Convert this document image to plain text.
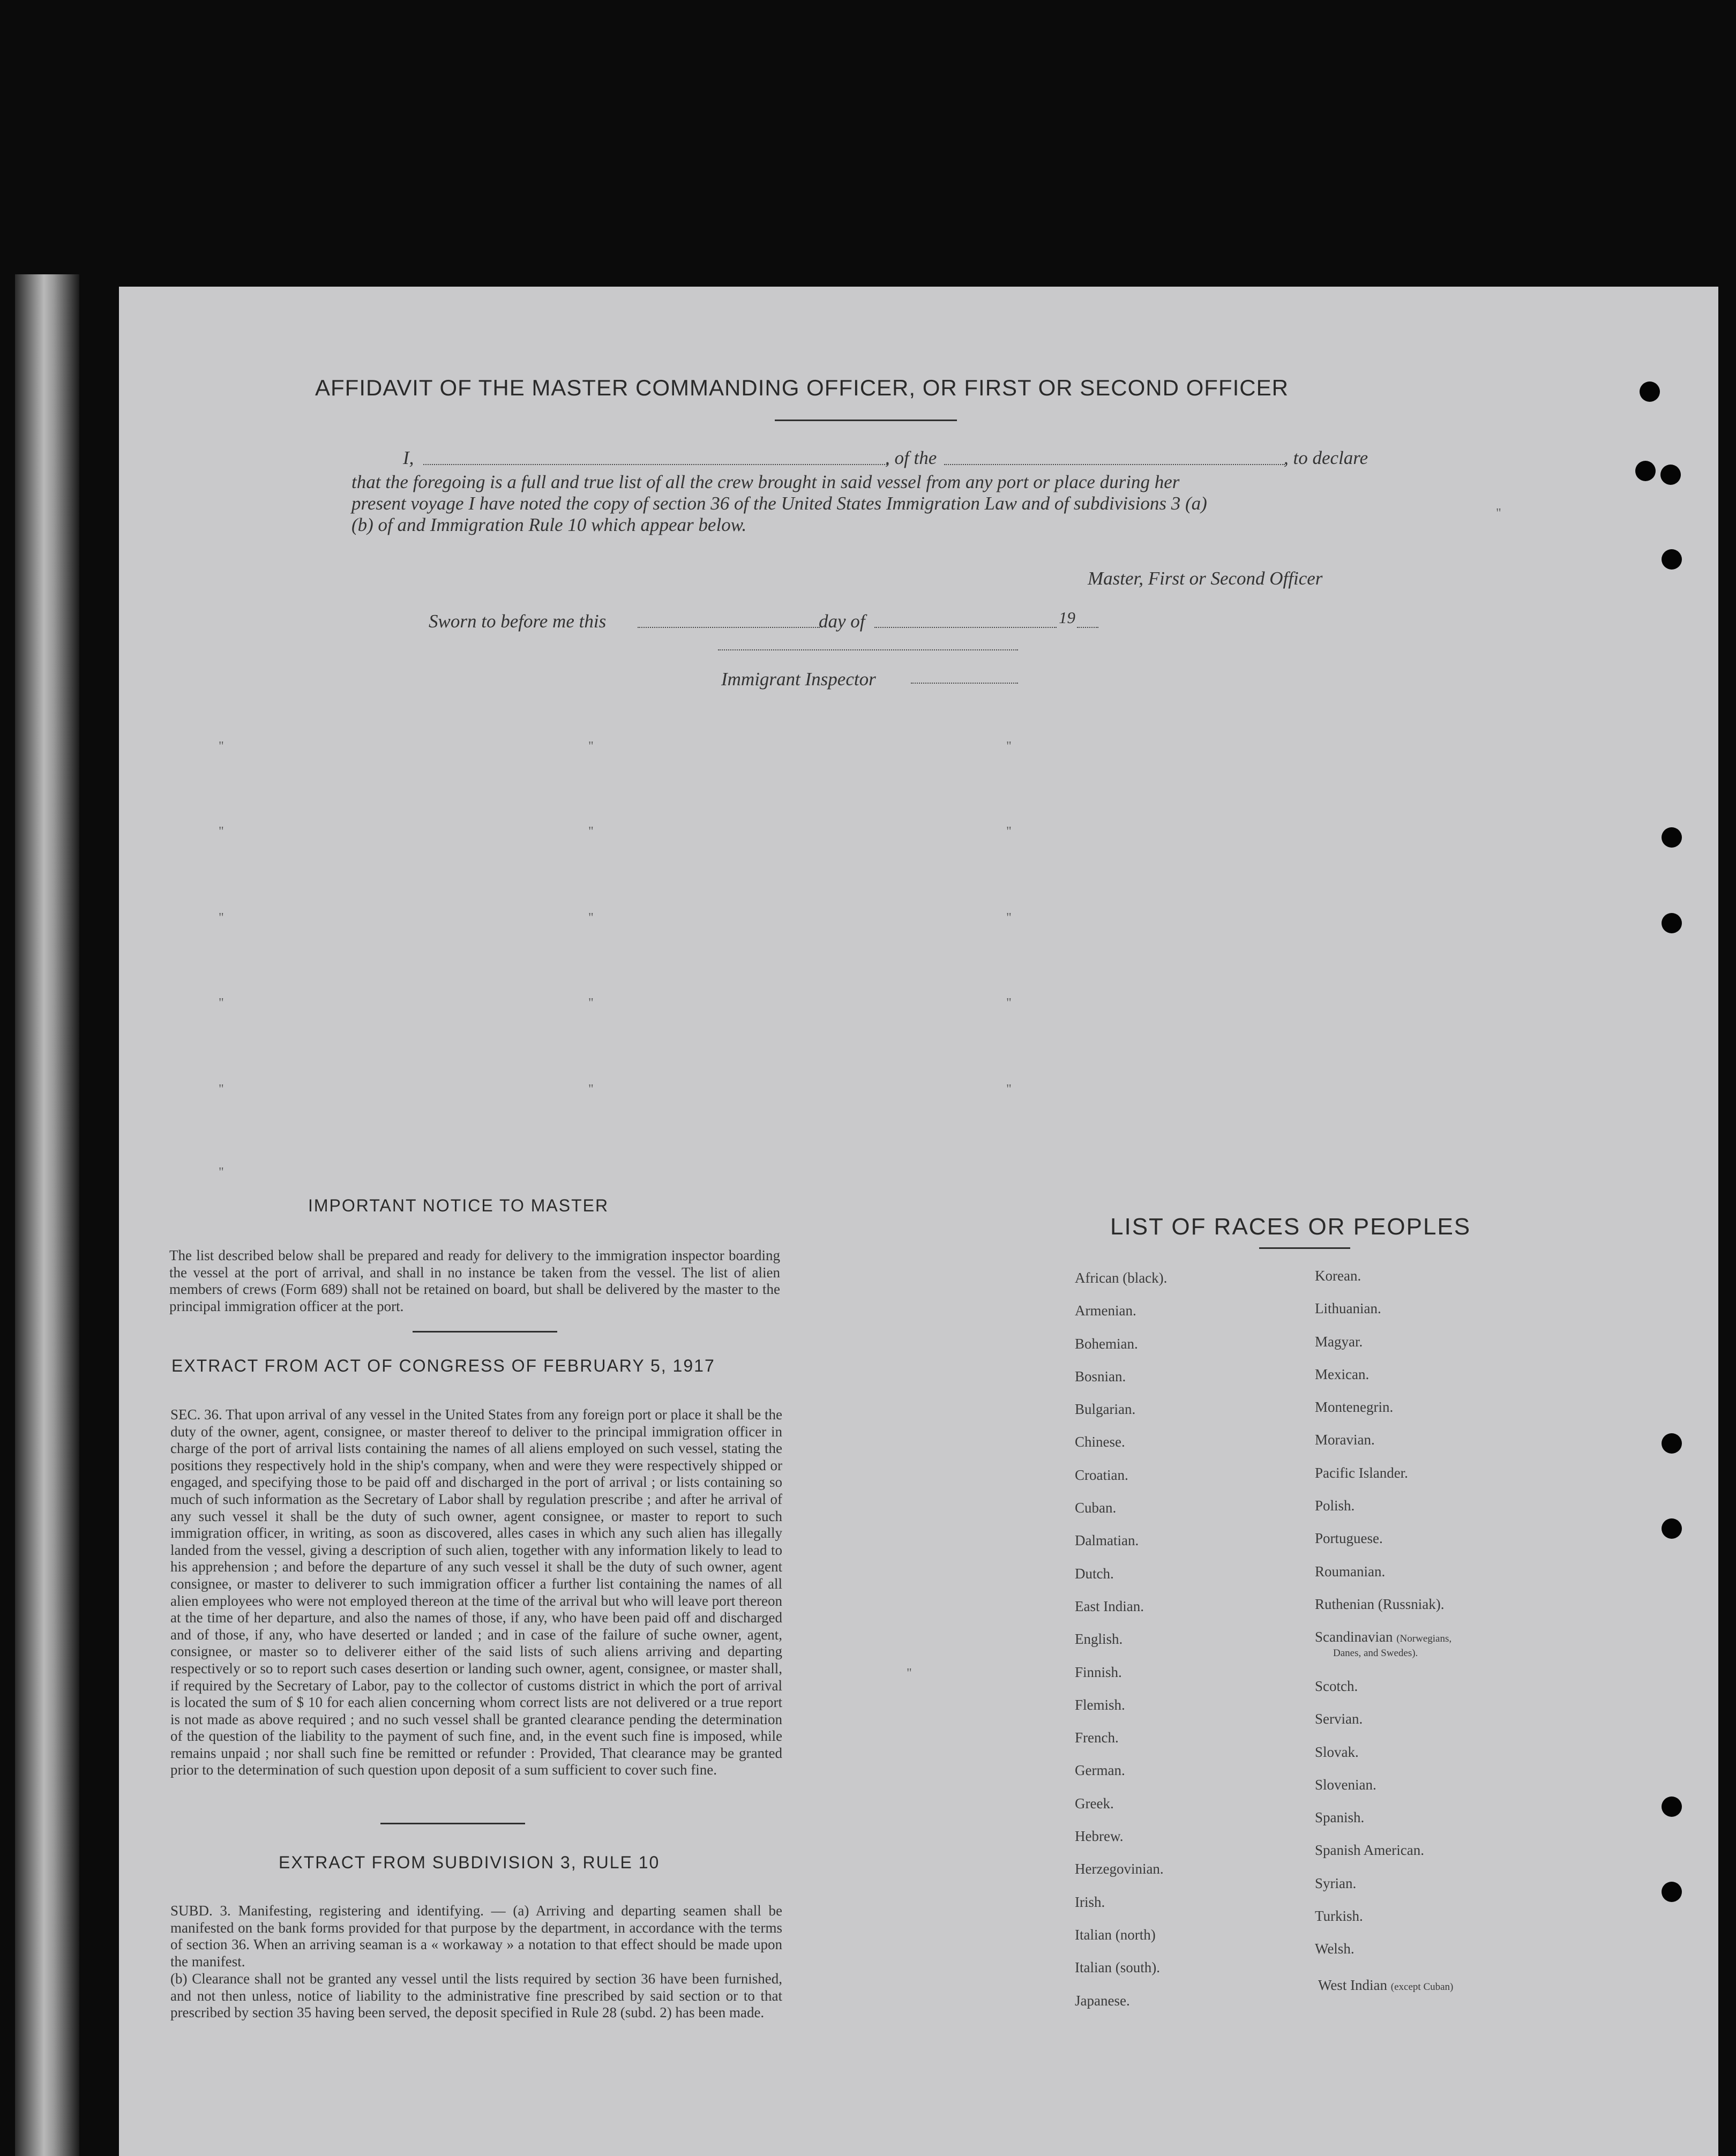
"
"
"
"
"
"
"
"
"
"
"
"
"
"
"
"
"
"
AFFIDAVIT OF THE MASTER COMMANDING OFFICER, OR FIRST OR SECOND OFFICER
I,	, of the	, to declare
that the foregoing is a full and true list of all the crew brought in said vessel from any port or place during her
present voyage I have noted the copy of section 36 of the United States Immigration Law and of subdivisions 3 (a)
(b) of and Immigration Rule 10 which appear below.
Master, First or Second Officer
Sworn to before me this	day of	19
Immigrant Inspector
IMPORTANT NOTICE TO MASTER
The list described below shall be prepared and ready for delivery to the immigration inspector boarding the vessel at the port of arrival, and shall in no instance be taken from the vessel. The list of alien members of crews (Form 689) shall not be retained on board, but shall be delivered by the master to the principal immigration officer at the port.
EXTRACT FROM ACT OF CONGRESS OF FEBRUARY 5, 1917
SEC. 36. That upon arrival of any vessel in the United States from any foreign port or place it shall be the duty of the owner, agent, consignee, or master thereof to deliver to the principal immigration officer in charge of the port of arrival lists containing the names of all aliens employed on such vessel, stating the positions they respectively hold in the ship's company, when and were they were respectively shipped or engaged, and specifying those to be paid off and discharged in the port of arrival ; or lists containing so much of such information as the Secretary of Labor shall by regulation prescribe ; and after he arrival of any such vessel it shall be the duty of such owner, agent consignee, or master to report to such immigration officer, in writing, as soon as discovered, alles cases in which any such alien has illegally landed from the vessel, giving a description of such alien, together with any information likely to lead to his apprehension ; and before the departure of any such vessel it shall be the duty of such owner, agent consignee, or master to deliverer to such immigration officer a further list containing the names of all alien employees who were not employed thereon at the time of the arrival but who will leave port thereon at the time of her departure, and also the names of those, if any, who have been paid off and discharged and of those, if any, who have deserted or landed ; and in case of the failure of suche owner, agent, consignee, or master so to deliverer either of the said lists of such aliens arriving and departing respectively or so to report such cases desertion or landing such owner, agent, consignee, or master shall, if required by the Secretary of Labor, pay to the collector of customs district in which the port of arrival is located the sum of $ 10 for each alien concerning whom correct lists are not delivered or a true report is not made as above required ; and no such vessel shall be granted clearance pending the determination of the question of the liability to the payment of such fine, and, in the event such fine is imposed, while remains unpaid ; nor shall such fine be remitted or refunder : Provided, That clearance may be granted prior to the determination of such question upon deposit of a sum sufficient to cover such fine.
EXTRACT FROM SUBDIVISION 3, RULE 10
SUBD. 3. Manifesting, registering and identifying. — (a) Arriving and departing seamen shall be manifested on the bank forms provided for that purpose by the department, in accordance with the terms of section 36. When an arriving seaman is a « workaway » a notation to that effect should be made upon the manifest.
(b) Clearance shall not be granted any vessel until the lists required by section 36 have been furnished, and not then unless, notice of liability to the administrative fine prescribed by said section or to that prescribed by section 35 having been served, the deposit specified in Rule 28 (subd. 2) has been made.
LIST OF RACES OR PEOPLES
African (black).
Armenian.
Bohemian.
Bosnian.
Bulgarian.
Chinese.
Croatian.
Cuban.
Dalmatian.
Dutch.
East Indian.
English.
Finnish.
Flemish.
French.
German.
Greek.
Hebrew.
Herzegovinian.
Irish.
Italian (north)
Italian (south).
Japanese.
Korean.
Lithuanian.
Magyar.
Mexican.
Montenegrin.
Moravian.
Pacific Islander.
Polish.
Portuguese.
Roumanian.
Ruthenian (Russniak).
Scandinavian (Norwegians,
Danes, and Swedes).
Scotch.
Servian.
Slovak.
Slovenian.
Spanish.
Spanish American.
Syrian.
Turkish.
Welsh.
West Indian (except Cuban)
